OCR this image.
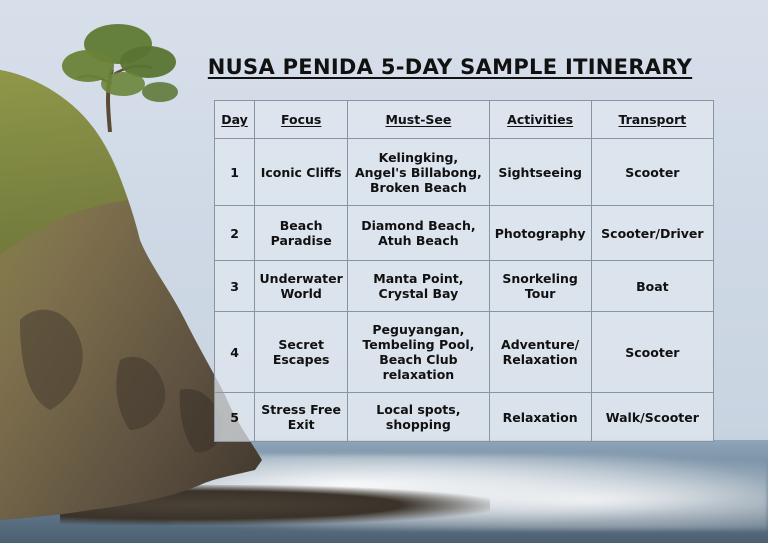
NUSA PENIDA 5-DAY SAMPLE ITINERARY
Day	Focus	Must-See	Activities	Transport
1	Iconic Cliffs	Kelingking, Angel's Billabong, Broken Beach	Sightseeing	Scooter
2	Beach Paradise	Diamond Beach, Atuh Beach	Photography	Scooter/Driver
3	Underwater World	Manta Point, Crystal Bay	Snorkeling Tour	Boat
4	Secret Escapes	Peguyangan, Tembeling Pool, Beach Club relaxation	Adventure/ Relaxation	Scooter
5	Stress Free Exit	Local spots, shopping	Relaxation	Walk/Scooter
